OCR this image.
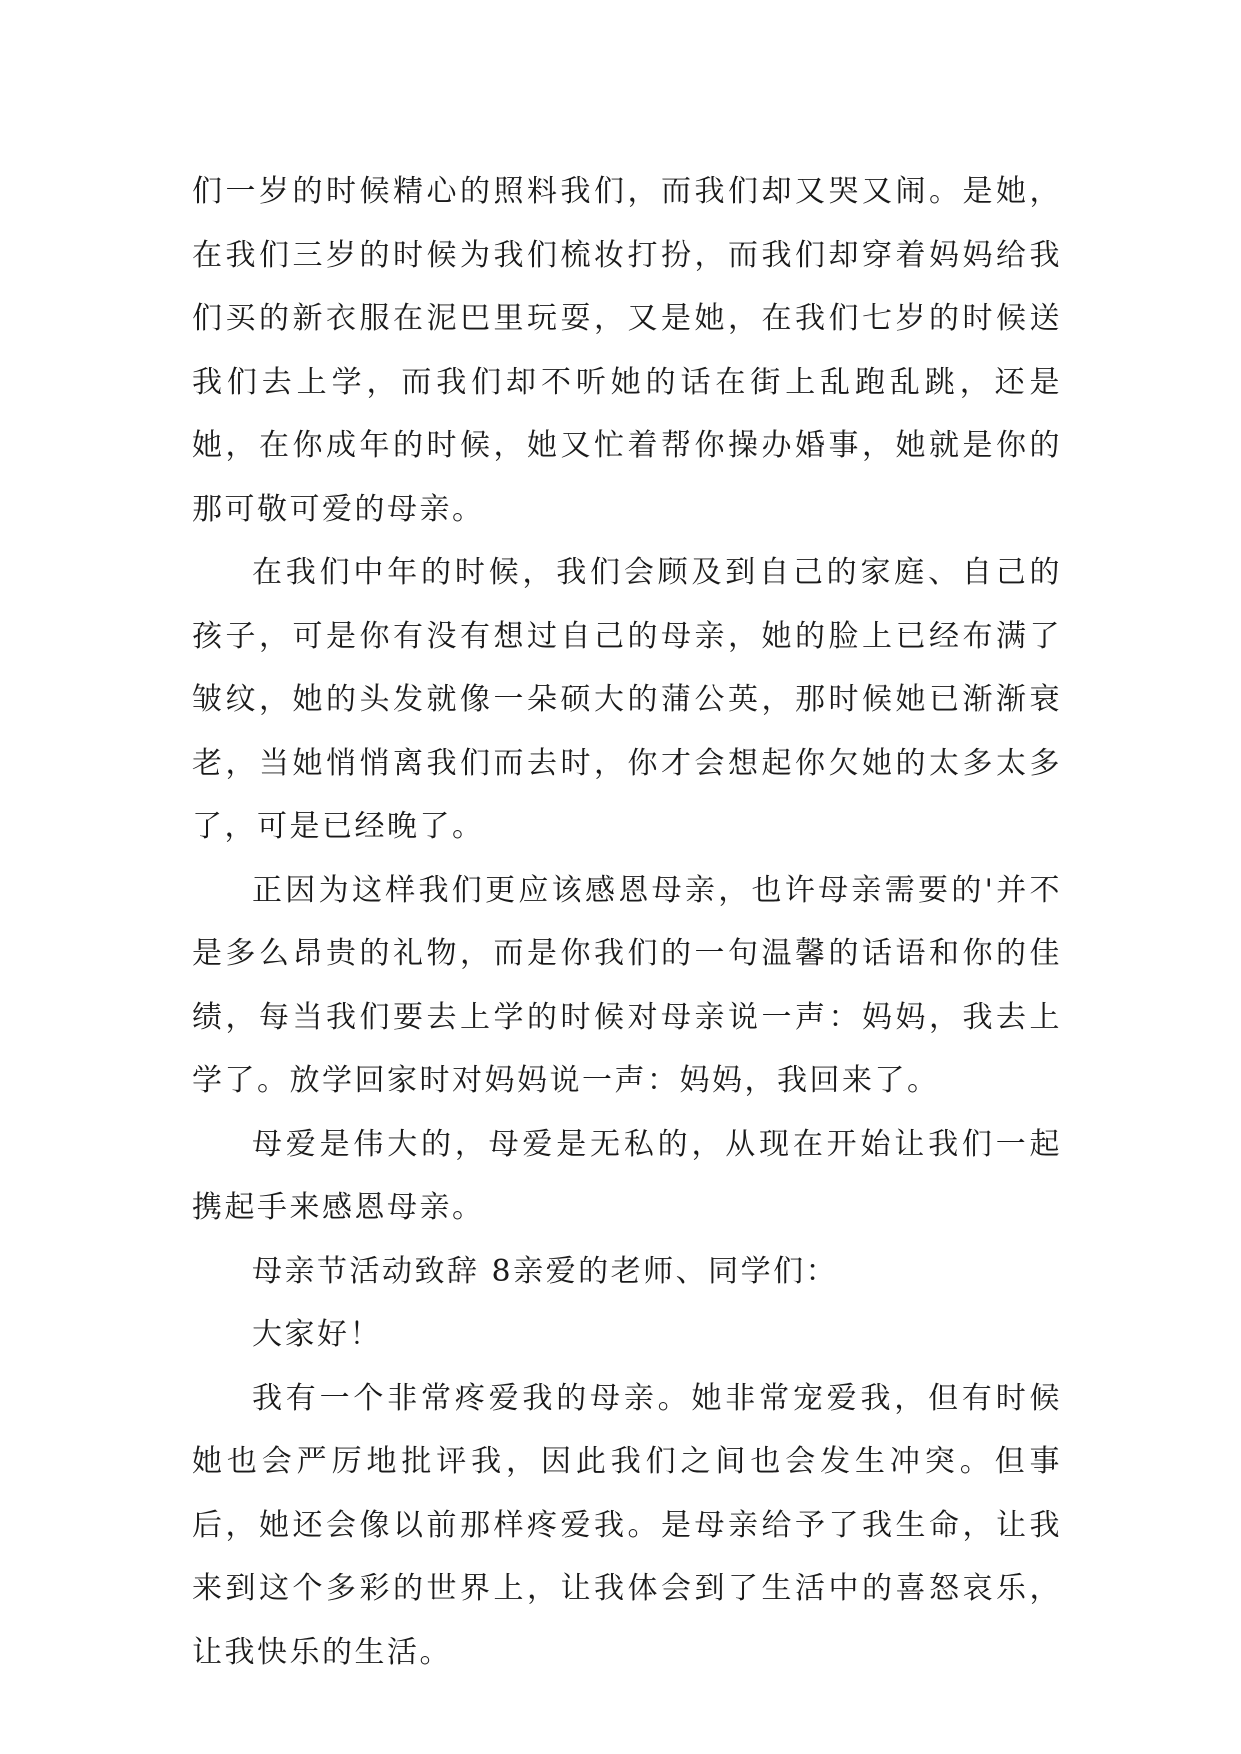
们一岁的时候精心的照料我们，而我们却又哭又闹。是她，在我们三岁的时候为我们梳妆打扮，而我们却穿着妈妈给我们买的新衣服在泥巴里玩耍，又是她，在我们七岁的时候送我们去上学，而我们却不听她的话在街上乱跑乱跳，还是她，在你成年的时候，她又忙着帮你操办婚事，她就是你的那可敬可爱的母亲。

在我们中年的时候，我们会顾及到自己的家庭、自己的孩子，可是你有没有想过自己的母亲，她的脸上已经布满了皱纹，她的头发就像一朵硕大的蒲公英，那时候她已渐渐衰老，当她悄悄离我们而去时，你才会想起你欠她的太多太多了，可是已经晚了。

正因为这样我们更应该感恩母亲，也许母亲需要的'并不是多么昂贵的礼物，而是你我们的一句温馨的话语和你的佳绩，每当我们要去上学的时候对母亲说一声：妈妈，我去上学了。放学回家时对妈妈说一声：妈妈，我回来了。

母爱是伟大的，母爱是无私的，从现在开始让我们一起携起手来感恩母亲。

母亲节活动致辞 8亲爱的老师、同学们：

大家好！

我有一个非常疼爱我的母亲。她非常宠爱我，但有时候她也会严厉地批评我，因此我们之间也会发生冲突。但事后，她还会像以前那样疼爱我。是母亲给予了我生命，让我来到这个多彩的世界上，让我体会到了生活中的喜怒哀乐，让我快乐的生活。
